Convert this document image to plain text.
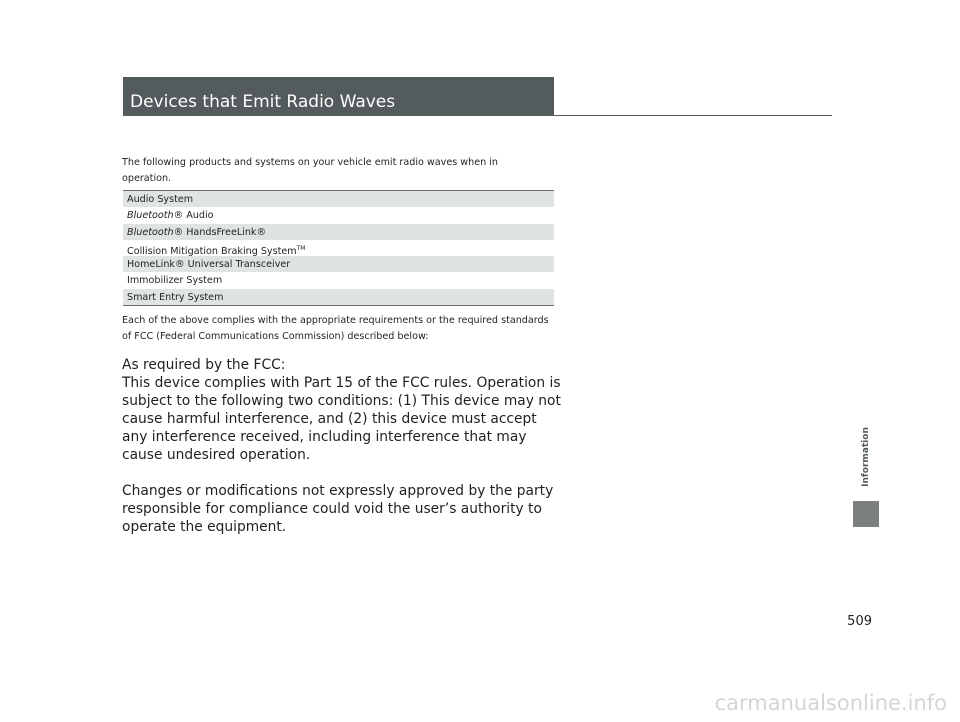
Devices that Emit Radio Waves
The following products and systems on your vehicle emit radio waves when in operation.
Audio System
Bluetooth® Audio
Bluetooth® HandsFreeLink®
Collision Mitigation Braking System™
HomeLink® Universal Transceiver
Immobilizer System
Smart Entry System
Each of the above complies with the appropriate requirements or the required standards of FCC (Federal Communications Commission) described below:

As required by the FCC:

This device complies with Part 15 of the FCC rules. Operation is subject to the following two conditions: (1) This device may not cause harmful interference, and (2) this device must accept any interference received, including interference that may cause undesired operation.

Changes or modifications not expressly approved by the party responsible for compliance could void the user’s authority to operate the equipment.

Information
509
carmanualsonline.info
